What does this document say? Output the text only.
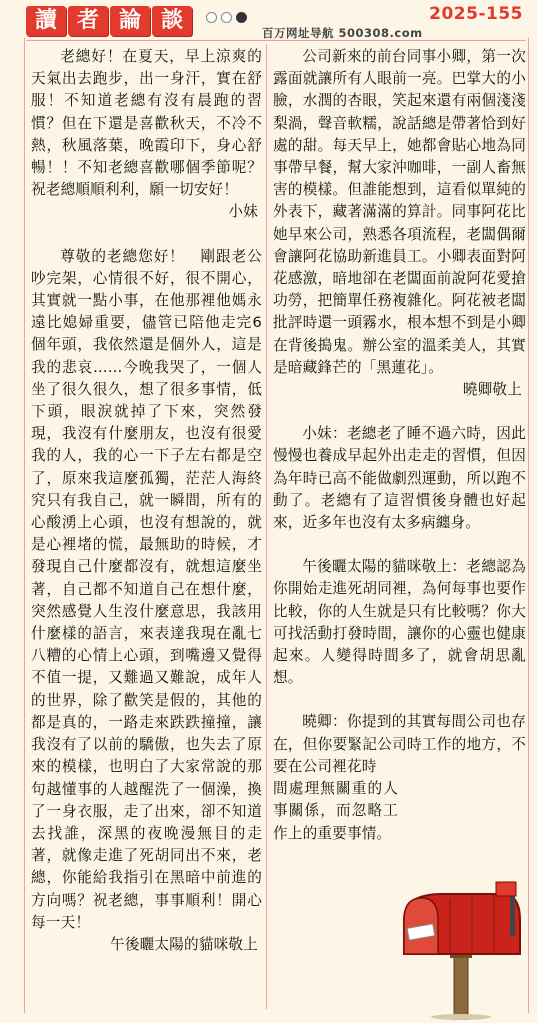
讀 者 論 談	2025-155
百万网址导航 500308.com

老總好！在夏天，早上涼爽的天氣出去跑步，出一身汗，實在舒服！不知道老總有沒有晨跑的習慣？但在下還是喜歡秋天，不冷不熱，秋風落葉，晚霞印下，身心舒暢！！不知老總喜歡哪個季節呢？祝老總順順利利，願一切安好！

小妹

尊敬的老總您好！　剛跟老公吵完架，心情很不好，很不開心，其實就一點小事，在他那裡他媽永遠比媳婦重要，儘管已陪他走完6個年頭，我依然還是個外人，這是我的悲哀……今晚我哭了，一個人坐了很久很久，想了很多事情，低下頭，眼淚就掉了下來，突然發現，我沒有什麼朋友，也沒有很愛我的人，我的心一下子左右都是空了，原來我這麼孤獨，茫茫人海終究只有我自己，就一瞬間，所有的心酸湧上心頭，也沒有想說的，就是心裡堵的慌，最無助的時候，才發現自己什麼都沒有，就想這麼坐著，自己都不知道自己在想什麼，突然感覺人生沒什麼意思，我該用什麼樣的語言，來表達我現在亂七八糟的心情上心頭，到嘴邊又覺得不值一提，又難過又難說，成年人的世界，除了歡笑是假的，其他的都是真的，一路走來跌跌撞撞，讓我沒有了以前的驕傲，也失去了原來的模樣，也明白了大家常說的那句越懂事的人越醒洗了一個澡，換了一身衣服，走了出來，卻不知道去找誰，深黑的夜晚漫無目的走著，就像走進了死胡同出不來，老總，你能給我指引在黑暗中前進的方向嗎？祝老總，事事順利！開心每一天！

午後曬太陽的貓咪敬上

公司新來的前台同事小卿，第一次露面就讓所有人眼前一亮。巴掌大的小臉，水潤的杏眼，笑起來還有兩個淺淺梨渦，聲音軟糯，說話總是帶著恰到好處的甜。每天早上，她都會貼心地為同事帶早餐，幫大家沖咖啡，一副人畜無害的模樣。但誰能想到，這看似單純的外表下，藏著滿滿的算計。同事阿花比她早來公司，熟悉各項流程，老闆偶爾會讓阿花協助新進員工。小卿表面對阿花感激，暗地卻在老闆面前說阿花愛搶功勞，把簡單任務複雜化。阿花被老闆批評時還一頭霧水，根本想不到是小卿在背後搗鬼。辦公室的溫柔美人，其實是暗藏鋒芒的「黑蓮花」。

曉卿敬上

小妹：老總老了睡不過六時，因此慢慢也養成早起外出走走的習慣，但因為年時已高不能做劇烈運動，所以跑不動了。老總有了這習慣後身體也好起來，近多年也沒有太多病纏身。

午後曬太陽的貓咪敬上：老總認為你開始走進死胡同裡，為何每事也要作比較，你的人生就是只有比較嗎？你大可找活動打發時間，讓你的心靈也健康起來。人變得時間多了，就會胡思亂想。

曉卿：你提到的其實每間公司也存在，但你要緊記公司時工作的地方，不要在公司裡花時

間處理無關重的人事關係，而忽略工作上的重要事情。
